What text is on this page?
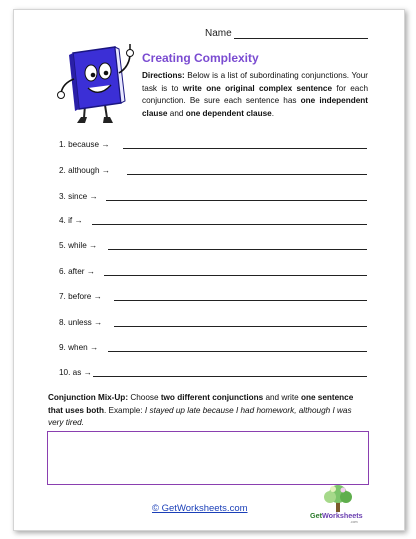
Name
Creating Complexity
Directions: Below is a list of subordinating conjunctions. Your task is to write one original complex sentence for each conjunction. Be sure each sentence has one independent clause and one dependent clause.
1. because →
2. although →
3. since →
4. if →
5. while →
6. after →
7. before →
8. unless →
9. when →
10. as →
Conjunction Mix-Up: Choose two different conjunctions and write one sentence that uses both. Example: I stayed up late because I had homework, although I was very tired.
© GetWorksheets.com
GetWorksheets
.com
